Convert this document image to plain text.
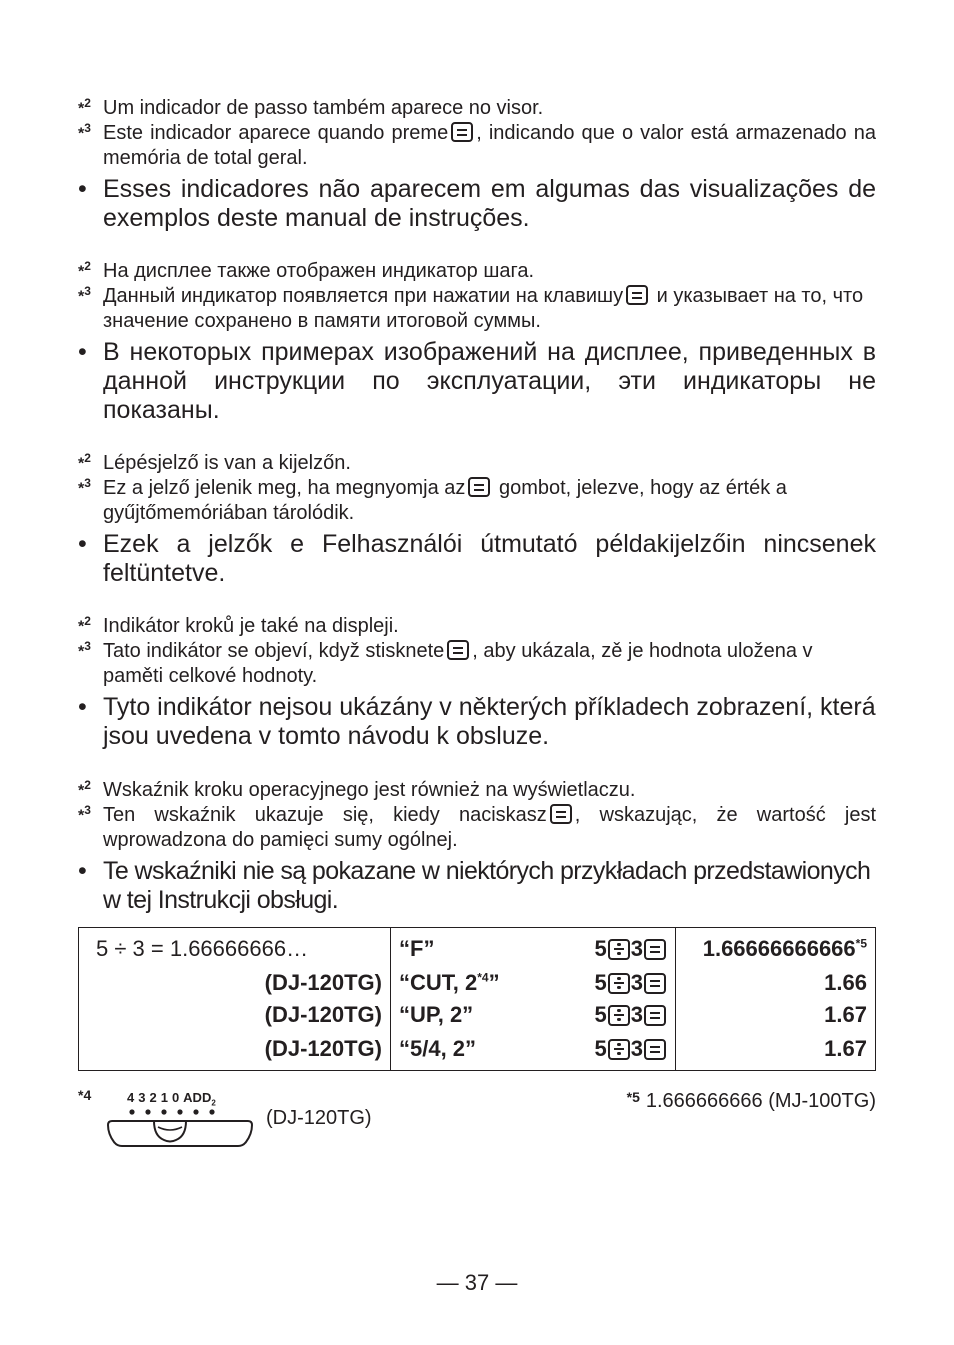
*$^2$ Um indicador de passo também aparece no visor.
*$^3$ Este indicador aparece quando preme , indicando que o valor está armazenado na memória de total geral.
• Esses indicadores não aparecem em algumas das visualizações de exemplos deste manual de instruções.
*$^2$ На дисплее также отображен индикатор шага.
*$^3$ Данный индикатор появляется при нажатии на клавишу и указывает на то, что значение сохранено в памяти итоговой суммы.
• В некоторых примерах изображений на дисплее, приведенных в данной инструкции по эксплуатации, эти индикаторы не показаны.
*$^2$ Lépésjelző is van a kijelzőn.
*$^3$ Ez a jelző jelenik meg, ha megnyomja az gombot, jelezve, hogy az érték a gyűjtőmemóriában tárolódik.
• Ezek a jelzők e Felhasználói útmutató példakijelzőin nincsenek feltüntetve.
*$^2$ Indikátor kroků je také na displeji.
*$^3$ Tato indikátor se objeví, když stisknete , aby ukázala, zě je hodnota uložena v paměti celkové hodnoty.
• Tyto indikátor nejsou ukázány v některých příkladech zobrazení, která jsou uvedena v tomto návodu k obsluze.
*$^2$ Wskaźnik kroku operacyjnego jest również na wyświetlaczu.
*$^3$ Ten wskaźnik ukazuje się, kiedy naciskasz , wskazując, że wartość jest wprowadzona do pamięci sumy ogólnej.
• Te wskaźniki nie są pokazane w niektórych przykładach przedstawionych w tej Instrukcji obsługi.
5 ÷ 3 = 1.66666666…	“F” 5 3	1.66666666666$^{*5}$
(DJ-120TG)	“CUT, 2$^{*4}$” 5 3	1.66
(DJ-120TG)	“UP, 2” 5 3	1.67
(DJ-120TG)	“5/4, 2” 5 3	1.67
*4	4 3 2 1 0 $ADD_2$
(DJ-120TG)
$^{*5}$ 1.666666666 (MJ-100TG)
— 37 —
